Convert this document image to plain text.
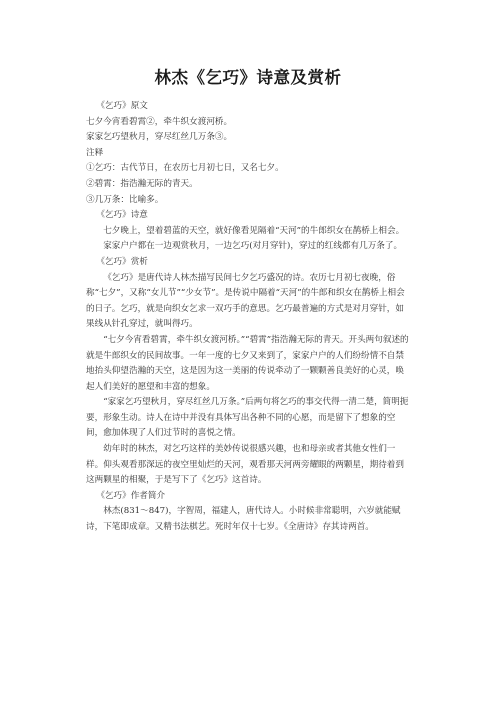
林杰《乞巧》诗意及赏析

《乞巧》原文

七夕今宵看碧霄②，牵牛织女渡河桥。

家家乞巧望秋月，穿尽红丝几万条③。

注释

①乞巧：古代节日，在农历七月初七日，又名七夕。

②碧霄：指浩瀚无际的青天。

③几万条：比喻多。

《乞巧》诗意

七夕晚上，望着碧蓝的天空，就好像看见隔着“天河”的牛郎织女在鹊桥上相会。

家家户户都在一边观赏秋月，一边乞巧(对月穿针)，穿过的红线都有几万条了。

《乞巧》赏析

《乞巧》是唐代诗人林杰描写民间七夕乞巧盛况的诗。农历七月初七夜晚，俗称“七夕”，又称“女儿节”“少女节”。是传说中隔着“天河”的牛郎和织女在鹊桥上相会的日子。乞巧，就是向织女乞求一双巧手的意思。乞巧最普遍的方式是对月穿针，如果线从针孔穿过，就叫得巧。

“七夕今宵看碧霄，牵牛织女渡河桥。”“碧霄”指浩瀚无际的青天。开头两句叙述的就是牛郎织女的民间故事。一年一度的七夕又来到了，家家户户的人们纷纷情不自禁地抬头仰望浩瀚的天空，这是因为这一美丽的传说牵动了一颗颗善良美好的心灵，唤起人们美好的愿望和丰富的想象。

“家家乞巧望秋月，穿尽红丝几万条。”后两句将乞巧的事交代得一清二楚，简明扼要，形象生动。诗人在诗中并没有具体写出各种不同的心愿，而是留下了想象的空间，愈加体现了人们过节时的喜悦之情。

幼年时的林杰，对乞巧这样的美妙传说很感兴趣，也和母亲或者其他女性们一样。仰头观看那深远的夜空里灿烂的天河，观看那天河两旁耀眼的两颗星，期待着到这两颗星的相聚，于是写下了《乞巧》这首诗。

《乞巧》作者简介

林杰(831～847)，字智周，福建人，唐代诗人。小时候非常聪明，六岁就能赋诗，下笔即成章。又精书法棋艺。死时年仅十七岁。《全唐诗》存其诗两首。
